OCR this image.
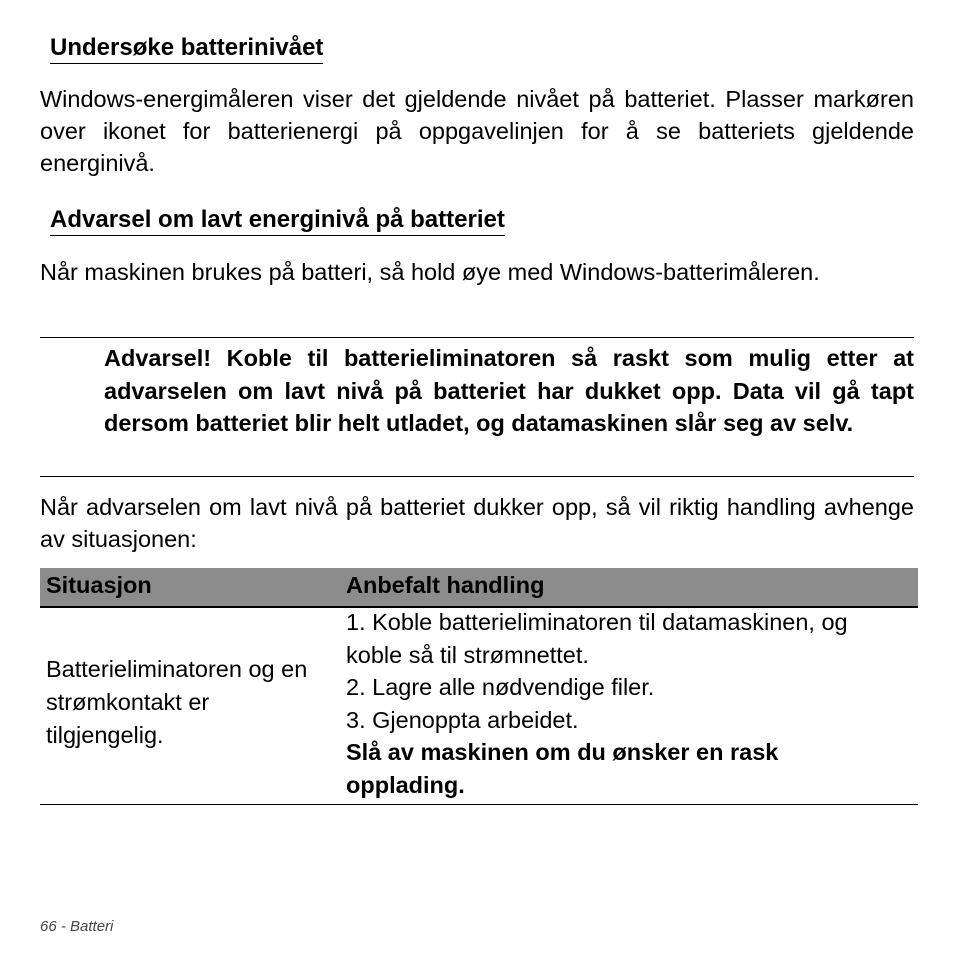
Undersøke batterinivået

Windows-energimåleren viser det gjeldende nivået på batteriet. Plasser markøren over ikonet for batterienergi på oppgavelinjen for å se batteriets gjeldende energinivå.

Advarsel om lavt energinivå på batteriet

Når maskinen brukes på batteri, så hold øye med Windows-batterimåleren.

Advarsel! Koble til batterieliminatoren så raskt som mulig etter at advarselen om lavt nivå på batteriet har dukket opp. Data vil gå tapt dersom batteriet blir helt utladet, og datamaskinen slår seg av selv.

Når advarselen om lavt nivå på batteriet dukker opp, så vil riktig handling avhenge av situasjonen:

Situasjon	Anbefalt handling
Batterieliminatoren og en strømkontakt er tilgjengelig.
1. Koble batterieliminatoren til datamaskinen, og
koble så til strømnettet.
2. Lagre alle nødvendige filer.
3. Gjenoppta arbeidet.
Slå av maskinen om du ønsker en rask opplading.
66 - Batteri
